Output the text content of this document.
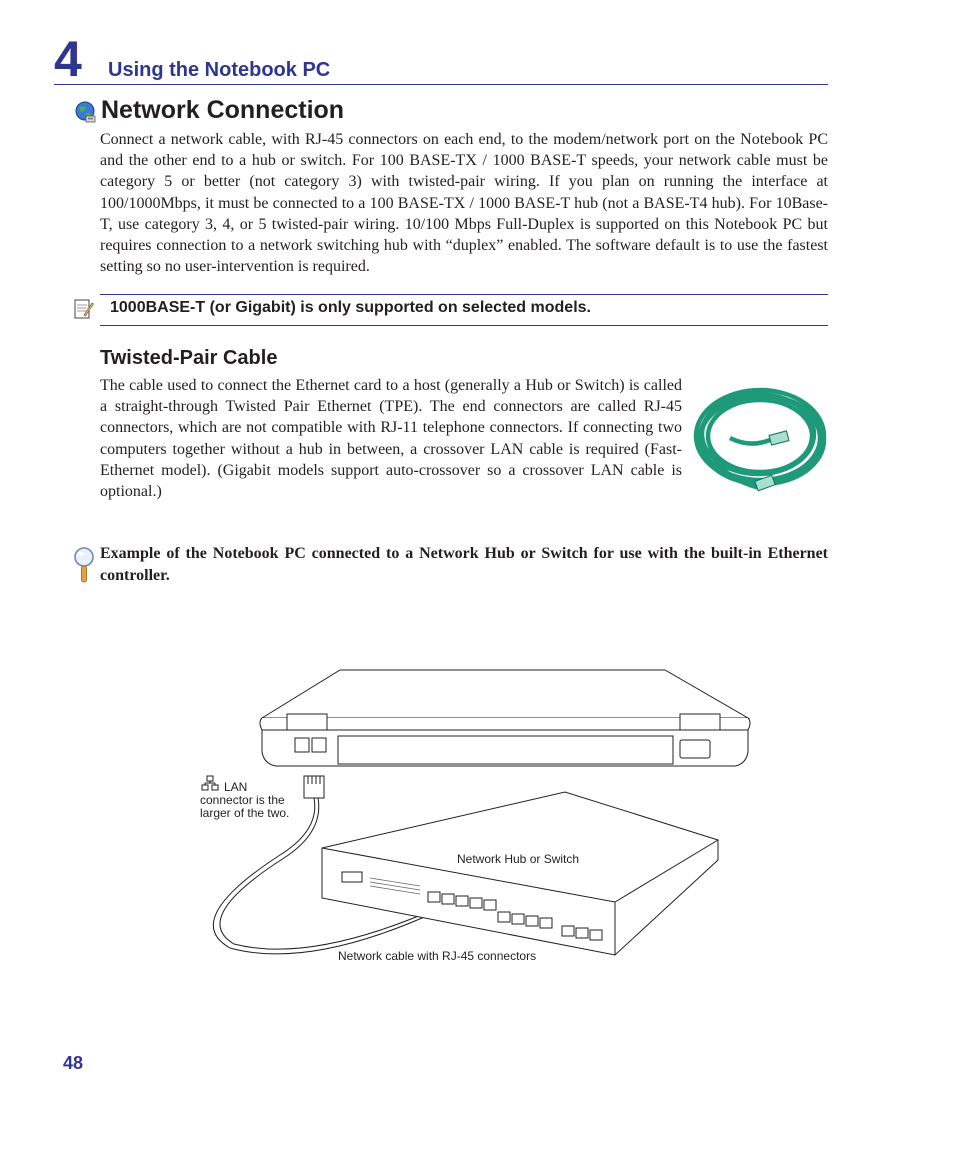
4 Using the Notebook PC
Network Connection

Connect a network cable, with RJ-45 connectors on each end, to the modem/network port on the Notebook PC and the other end to a hub or switch. For 100 BASE-TX / 1000 BASE-T speeds, your network cable must be category 5 or better (not category 3) with twisted-pair wiring. If you plan on running the interface at 100/1000Mbps, it must be connected to a 100 BASE-TX / 1000 BASE-T hub (not a BASE-T4 hub). For 10Base-T, use category 3, 4, or 5 twisted-pair wiring. 10/100 Mbps Full-Duplex is supported on this Notebook PC but requires connection to a network switching hub with “duplex” enabled. The software default is to use the fastest setting so no user-intervention is required.

1000BASE-T (or Gigabit) is only supported on selected models.
Twisted-Pair Cable

The cable used to connect the Ethernet card to a host (generally a Hub or Switch) is called a straight-through Twisted Pair Ethernet (TPE). The end connectors are called RJ-45 connectors, which are not compatible with RJ-11 telephone connectors. If connecting two computers together without a hub in between, a crossover LAN cable is required (Fast-Ethernet model). (Gigabit models support auto-crossover so a crossover LAN cable is optional.)

Example of the Notebook PC connected to a Network Hub or Switch for use with the built-in Ethernet controller.

LAN
connector is the
larger of the two.
Network Hub or Switch
Network cable with RJ-45 connectors
48
